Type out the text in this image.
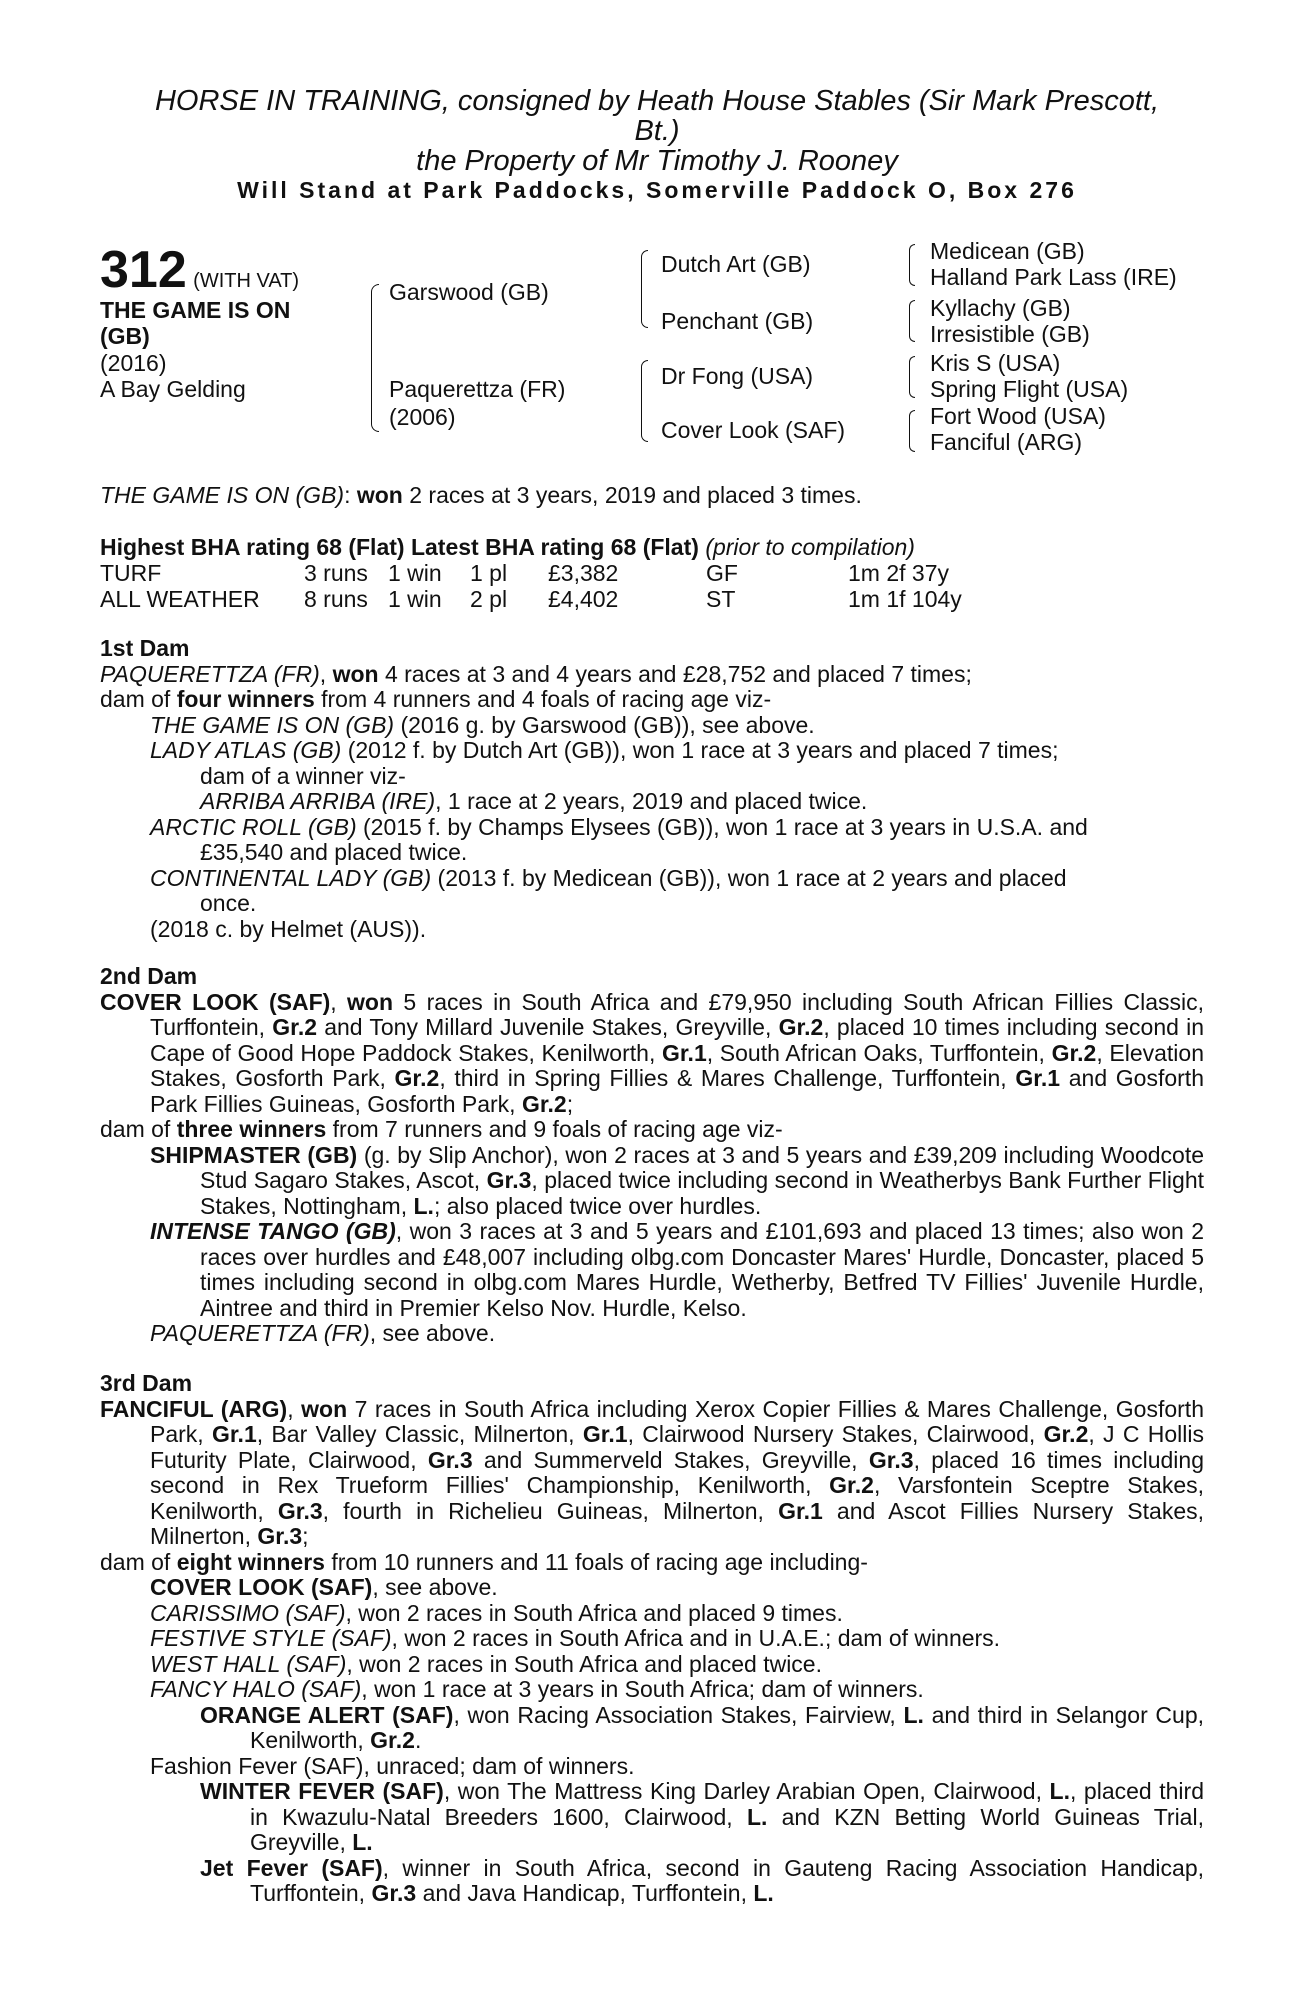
HORSE IN TRAINING, consigned by Heath House Stables (Sir Mark Prescott,
Bt.)
the Property of Mr Timothy J. Rooney
Will Stand at Park Paddocks, Somerville Paddock O, Box 276
312 (WITH VAT)
THE GAME IS ON
(GB)
(2016)
A Bay Gelding
Garswood (GB)
Paquerettza (FR)
(2006)
Dutch Art (GB)
Penchant (GB)
Dr Fong (USA)
Cover Look (SAF)
Medicean (GB)
Halland Park Lass (IRE)
Kyllachy (GB)
Irresistible (GB)
Kris S (USA)
Spring Flight (USA)
Fort Wood (USA)
Fanciful (ARG)
THE GAME IS ON (GB): won 2 races at 3 years, 2019 and placed 3 times.
Highest BHA rating 68 (Flat) Latest BHA rating 68 (Flat) (prior to compilation)
TURF	3 runs 1 win 1 pl £3,382	GF	1m 2f 37y
ALL WEATHER 8 runs 1 win 2 pl £4,402	ST	1m 1f 104y
1st Dam
PAQUERETTZA (FR), won 4 races at 3 and 4 years and £28,752 and placed 7 times;
dam of four winners from 4 runners and 4 foals of racing age viz-
THE GAME IS ON (GB) (2016 g. by Garswood (GB)), see above.
LADY ATLAS (GB) (2012 f. by Dutch Art (GB)), won 1 race at 3 years and placed 7 times;
dam of a winner viz-
ARRIBA ARRIBA (IRE), 1 race at 2 years, 2019 and placed twice.
ARCTIC ROLL (GB) (2015 f. by Champs Elysees (GB)), won 1 race at 3 years in U.S.A. and
£35,540 and placed twice.
CONTINENTAL LADY (GB) (2013 f. by Medicean (GB)), won 1 race at 2 years and placed
once.
(2018 c. by Helmet (AUS)).
2nd Dam
COVER LOOK (SAF), won 5 races in South Africa and £79,950 including South African Fillies Classic, Turffontein, Gr.2 and Tony Millard Juvenile Stakes, Greyville, Gr.2, placed 10 times including second in Cape of Good Hope Paddock Stakes, Kenilworth, Gr.1, South African Oaks, Turffontein, Gr.2, Elevation Stakes, Gosforth Park, Gr.2, third in Spring Fillies & Mares Challenge, Turffontein, Gr.1 and Gosforth Park Fillies Guineas, Gosforth Park, Gr.2;
dam of three winners from 7 runners and 9 foals of racing age viz-
SHIPMASTER (GB) (g. by Slip Anchor), won 2 races at 3 and 5 years and £39,209 including Woodcote Stud Sagaro Stakes, Ascot, Gr.3, placed twice including second in Weatherbys Bank Further Flight Stakes, Nottingham, L.; also placed twice over hurdles.
INTENSE TANGO (GB), won 3 races at 3 and 5 years and £101,693 and placed 13 times; also won 2 races over hurdles and £48,007 including olbg.com Doncaster Mares' Hurdle, Doncaster, placed 5 times including second in olbg.com Mares Hurdle, Wetherby, Betfred TV Fillies' Juvenile Hurdle, Aintree and third in Premier Kelso Nov. Hurdle, Kelso.
PAQUERETTZA (FR), see above.
3rd Dam
FANCIFUL (ARG), won 7 races in South Africa including Xerox Copier Fillies & Mares Challenge, Gosforth Park, Gr.1, Bar Valley Classic, Milnerton, Gr.1, Clairwood Nursery Stakes, Clairwood, Gr.2, J C Hollis Futurity Plate, Clairwood, Gr.3 and Summerveld Stakes, Greyville, Gr.3, placed 16 times including second in Rex Trueform Fillies' Championship, Kenilworth, Gr.2, Varsfontein Sceptre Stakes, Kenilworth, Gr.3, fourth in Richelieu Guineas, Milnerton, Gr.1 and Ascot Fillies Nursery Stakes, Milnerton, Gr.3;
dam of eight winners from 10 runners and 11 foals of racing age including-
COVER LOOK (SAF), see above.
CARISSIMO (SAF), won 2 races in South Africa and placed 9 times.
FESTIVE STYLE (SAF), won 2 races in South Africa and in U.A.E.; dam of winners.
WEST HALL (SAF), won 2 races in South Africa and placed twice.
FANCY HALO (SAF), won 1 race at 3 years in South Africa; dam of winners.
ORANGE ALERT (SAF), won Racing Association Stakes, Fairview, L. and third in Selangor Cup, Kenilworth, Gr.2.
Fashion Fever (SAF), unraced; dam of winners.
WINTER FEVER (SAF), won The Mattress King Darley Arabian Open, Clairwood, L., placed third in Kwazulu-Natal Breeders 1600, Clairwood, L. and KZN Betting World Guineas Trial, Greyville, L.
Jet Fever (SAF), winner in South Africa, second in Gauteng Racing Association Handicap, Turffontein, Gr.3 and Java Handicap, Turffontein, L.
